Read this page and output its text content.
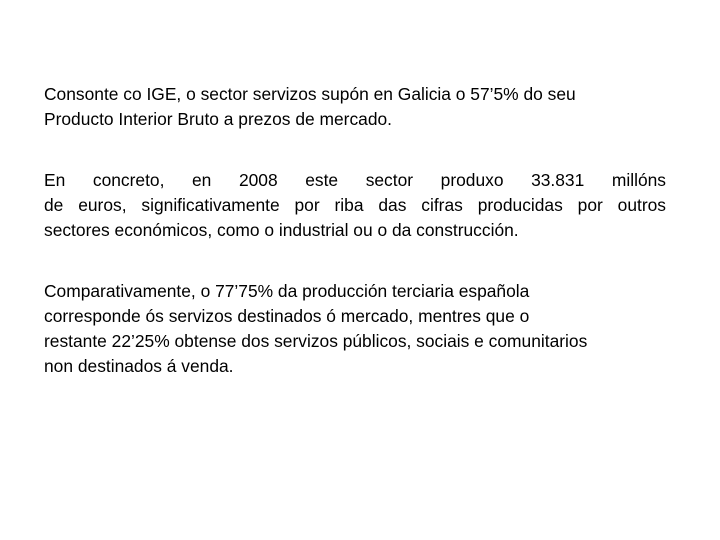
Consonte co IGE, o sector servizos supón en Galicia o 57’5% do seu
Producto Interior Bruto a prezos de mercado.
En concreto, en 2008 este sector produxo 33.831 millóns
de euros, significativamente por riba das cifras producidas por outros
sectores económicos, como o industrial ou o da construcción.
Comparativamente, o 77’75% da producción terciaria española
corresponde ós servizos destinados ó mercado, mentres que o
restante 22’25% obtense dos servizos públicos, sociais e comunitarios
non destinados á venda.
